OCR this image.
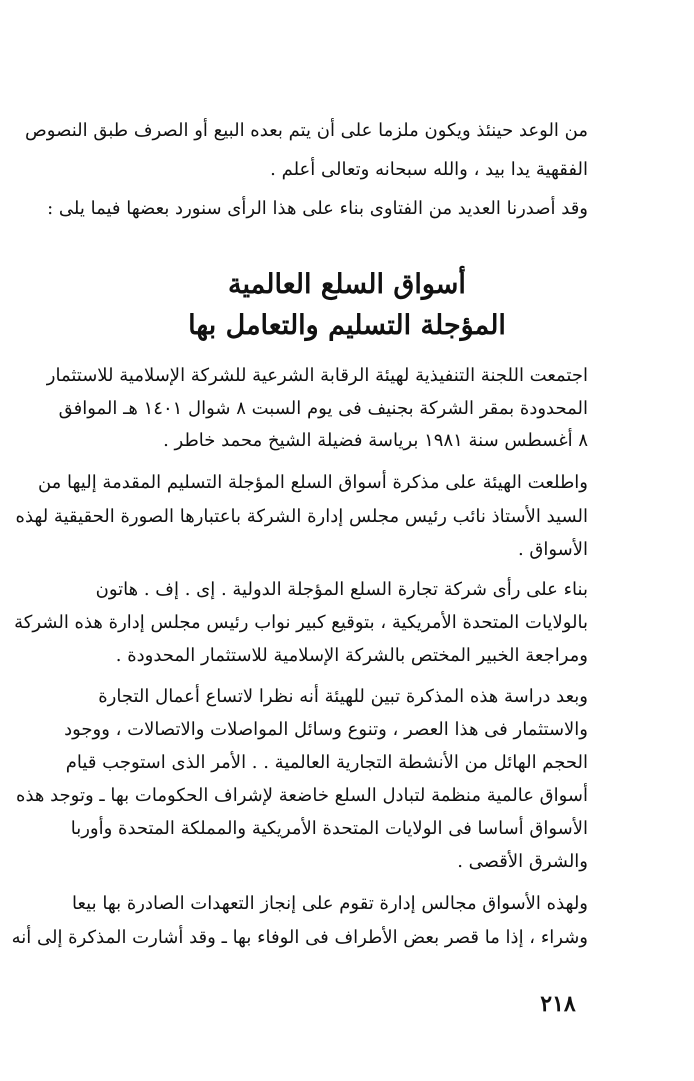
من الوعد حينئذ ويكون ملزما على أن يتم بعده البيع أو الصرف طبق النصوص
الفقهية يدا بيد ، والله سبحانه وتعالى أعلم .
وقد أصدرنا العديد من الفتاوى بناء على هذا الرأى سنورد بعضها فيما يلى :
أسواق السلع العالمية
المؤجلة التسليم والتعامل بها
اجتمعت اللجنة التنفيذية لهيئة الرقابة الشرعية للشركة الإسلامية للاستثمار
المحدودة بمقر الشركة بجنيف فى يوم السبت ٨ شوال ١٤٠١ هـ الموافق
٨ أغسطس سنة ١٩٨١ برياسة فضيلة الشيخ محمد خاطر .
واطلعت الهيئة على مذكرة أسواق السلع المؤجلة التسليم المقدمة إليها من
السيد الأستاذ نائب رئيس مجلس إدارة الشركة باعتبارها الصورة الحقيقية لهذه
الأسواق .
بناء على رأى شركة تجارة السلع المؤجلة الدولية . إى . إف . هاتون
بالولايات المتحدة الأمريكية ، بتوقيع كبير نواب رئيس مجلس إدارة هذه الشركة
ومراجعة الخبير المختص بالشركة الإسلامية للاستثمار المحدودة .
وبعد دراسة هذه المذكرة تبين للهيئة أنه نظرا لاتساع أعمال التجارة
والاستثمار فى هذا العصر ، وتنوع وسائل المواصلات والاتصالات ، ووجود
الحجم الهائل من الأنشطة التجارية العالمية . . الأمر الذى استوجب قيام
أسواق عالمية منظمة لتبادل السلع خاضعة لإشراف الحكومات بها ـ وتوجد هذه
الأسواق أساسا فى الولايات المتحدة الأمريكية والمملكة المتحدة وأوربا
والشرق الأقصى .
ولهذه الأسواق مجالس إدارة تقوم على إنجاز التعهدات الصادرة بها بيعا
وشراء ، إذا ما قصر بعض الأطراف فى الوفاء بها ـ وقد أشارت المذكرة إلى أنه
٢١٨
